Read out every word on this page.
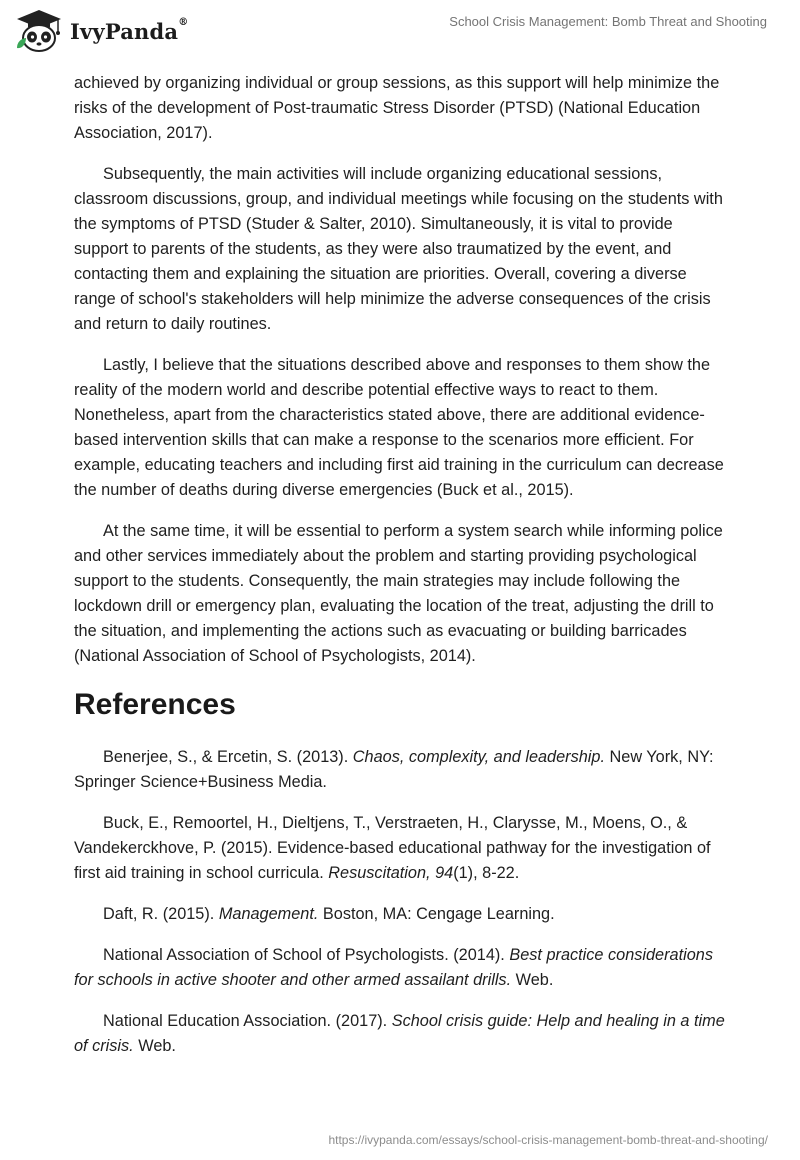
IvyPanda®	School Crisis Management: Bomb Threat and Shooting

achieved by organizing individual or group sessions, as this support will help minimize the risks of the development of Post-traumatic Stress Disorder (PTSD) (National Education Association, 2017).

Subsequently, the main activities will include organizing educational sessions, classroom discussions, group, and individual meetings while focusing on the students with the symptoms of PTSD (Studer & Salter, 2010). Simultaneously, it is vital to provide support to parents of the students, as they were also traumatized by the event, and contacting them and explaining the situation are priorities. Overall, covering a diverse range of school's stakeholders will help minimize the adverse consequences of the crisis and return to daily routines.

Lastly, I believe that the situations described above and responses to them show the reality of the modern world and describe potential effective ways to react to them. Nonetheless, apart from the characteristics stated above, there are additional evidence-based intervention skills that can make a response to the scenarios more efficient. For example, educating teachers and including first aid training in the curriculum can decrease the number of deaths during diverse emergencies (Buck et al., 2015).

At the same time, it will be essential to perform a system search while informing police and other services immediately about the problem and starting providing psychological support to the students. Consequently, the main strategies may include following the lockdown drill or emergency plan, evaluating the location of the treat, adjusting the drill to the situation, and implementing the actions such as evacuating or building barricades (National Association of School of Psychologists, 2014).

References

Benerjee, S., & Ercetin, S. (2013). Chaos, complexity, and leadership. New York, NY: Springer Science+Business Media.

Buck, E., Remoortel, H., Dieltjens, T., Verstraeten, H., Clarysse, M., Moens, O., & Vandekerckhove, P. (2015). Evidence-based educational pathway for the investigation of first aid training in school curricula. Resuscitation, 94(1), 8-22.

Daft, R. (2015). Management. Boston, MA: Cengage Learning.

National Association of School of Psychologists. (2014). Best practice considerations for schools in active shooter and other armed assailant drills. Web.

National Education Association. (2017). School crisis guide: Help and healing in a time of crisis. Web.

https://ivypanda.com/essays/school-crisis-management-bomb-threat-and-shooting/
